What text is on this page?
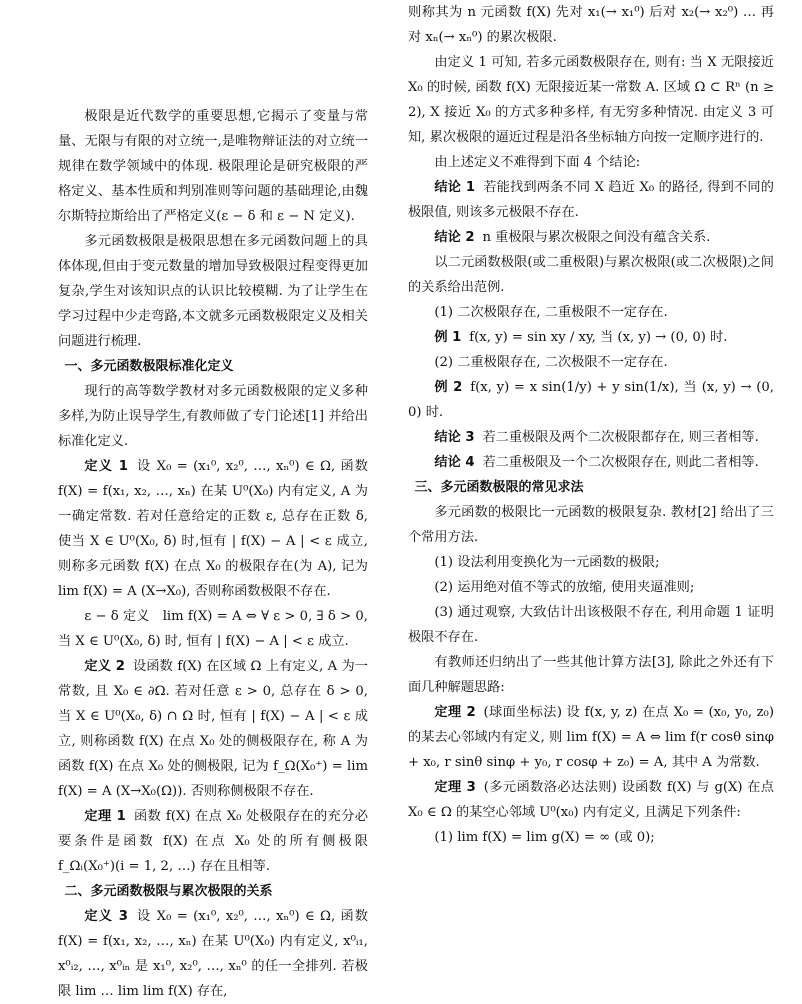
极限是近代数学的重要思想,它揭示了变量与常量、无限与有限的对立统一,是唯物辩证法的对立统一规律在数学领域中的体现. 极限理论是研究极限的严格定义、基本性质和判别准则等问题的基础理论,由魏尔斯特拉斯给出了严格定义(ε − δ 和 ε − N 定义).

多元函数极限是极限思想在多元函数问题上的具体体现,但由于变元数量的增加导致极限过程变得更加复杂,学生对该知识点的认识比较模糊. 为了让学生在学习过程中少走弯路,本文就多元函数极限定义及相关问题进行梳理.

一、多元函数极限标准化定义

现行的高等数学教材对多元函数极限的定义多种多样,为防止误导学生,有教师做了专门论述[1] 并给出标准化定义.

定义 1 设 X₀ = (x₁⁰, x₂⁰, …, xₙ⁰) ∈ Ω, 函数 f(X) = f(x₁, x₂, …, xₙ) 在某 U⁰(X₀) 内有定义, A 为一确定常数. 若对任意给定的正数 ε, 总存在正数 δ, 使当 X ∈ U⁰(X₀, δ) 时,恒有 | f(X) − A | < ε 成立,则称多元函数 f(X) 在点 X₀ 的极限存在(为 A), 记为 lim f(X) = A (X→X₀), 否则称函数极限不存在.

ε − δ 定义　lim f(X) = A ⇔ ∀ ε > 0, ∃ δ > 0, 当 X ∈ U⁰(X₀, δ) 时, 恒有 | f(X) − A | < ε 成立.

定义 2 设函数 f(X) 在区域 Ω 上有定义, A 为一常数, 且 X₀ ∈ ∂Ω. 若对任意 ε > 0, 总存在 δ > 0, 当 X ∈ U⁰(X₀, δ) ∩ Ω 时, 恒有 | f(X) − A | < ε 成立, 则称函数 f(X) 在点 X₀ 处的侧极限存在, 称 A 为函数 f(X) 在点 X₀ 处的侧极限, 记为 f_Ω(X₀⁺) = lim f(X) = A (X→X₀(Ω)). 否则称侧极限不存在.

定理 1 函数 f(X) 在点 X₀ 处极限存在的充分必要条件是函数 f(X) 在点 X₀ 处的所有侧极限 f_Ωᵢ(X₀⁺)(i = 1, 2, …) 存在且相等.

二、多元函数极限与累次极限的关系

定义 3 设 X₀ = (x₁⁰, x₂⁰, …, xₙ⁰) ∈ Ω, 函数 f(X) = f(x₁, x₂, …, xₙ) 在某 U⁰(X₀) 内有定义, x⁰ᵢ₁, x⁰ᵢ₂, …, x⁰ᵢₙ 是 x₁⁰, x₂⁰, …, xₙ⁰ 的任一全排列. 若极限 lim … lim lim f(X) 存在,

则称其为 n 元函数 f(X) 先对 x₁(→ x₁⁰) 后对 x₂(→ x₂⁰) … 再对 xₙ(→ xₙ⁰) 的累次极限.

由定义 1 可知, 若多元函数极限存在, 则有: 当 X 无限接近 X₀ 的时候, 函数 f(X) 无限接近某一常数 A. 区域 Ω ⊂ Rⁿ (n ≥ 2), X 接近 X₀ 的方式多种多样, 有无穷多种情况. 由定义 3 可知, 累次极限的逼近过程是沿各坐标轴方向按一定顺序进行的.

由上述定义不难得到下面 4 个结论:

结论 1 若能找到两条不同 X 趋近 X₀ 的路径, 得到不同的极限值, 则该多元极限不存在.

结论 2 n 重极限与累次极限之间没有蕴含关系.

以二元函数极限(或二重极限)与累次极限(或二次极限)之间的关系给出范例.

(1) 二次极限存在, 二重极限不一定存在.

例 1 f(x, y) = sin xy / xy, 当 (x, y) → (0, 0) 时.

(2) 二重极限存在, 二次极限不一定存在.

例 2 f(x, y) = x sin(1/y) + y sin(1/x), 当 (x, y) → (0, 0) 时.

结论 3 若二重极限及两个二次极限都存在, 则三者相等.

结论 4 若二重极限及一个二次极限存在, 则此二者相等.

三、多元函数极限的常见求法

多元函数的极限比一元函数的极限复杂. 教材[2] 给出了三个常用方法.

(1) 设法利用变换化为一元函数的极限;

(2) 运用绝对值不等式的放缩, 使用夹逼准则;

(3) 通过观察, 大致估计出该极限不存在, 利用命题 1 证明极限不存在.

有教师还归纳出了一些其他计算方法[3], 除此之外还有下面几种解题思路:

定理 2 (球面坐标法) 设 f(x, y, z) 在点 X₀ = (x₀, y₀, z₀) 的某去心邻域内有定义, 则 lim f(X) = A ⇔ lim f(r cosθ sinφ + x₀, r sinθ sinφ + y₀, r cosφ + z₀) = A, 其中 A 为常数.

定理 3 (多元函数洛必达法则) 设函数 f(X) 与 g(X) 在点 X₀ ∈ Ω 的某空心邻域 U⁰(x₀) 内有定义, 且满足下列条件:

(1) lim f(X) = lim g(X) = ∞ (或 0);
